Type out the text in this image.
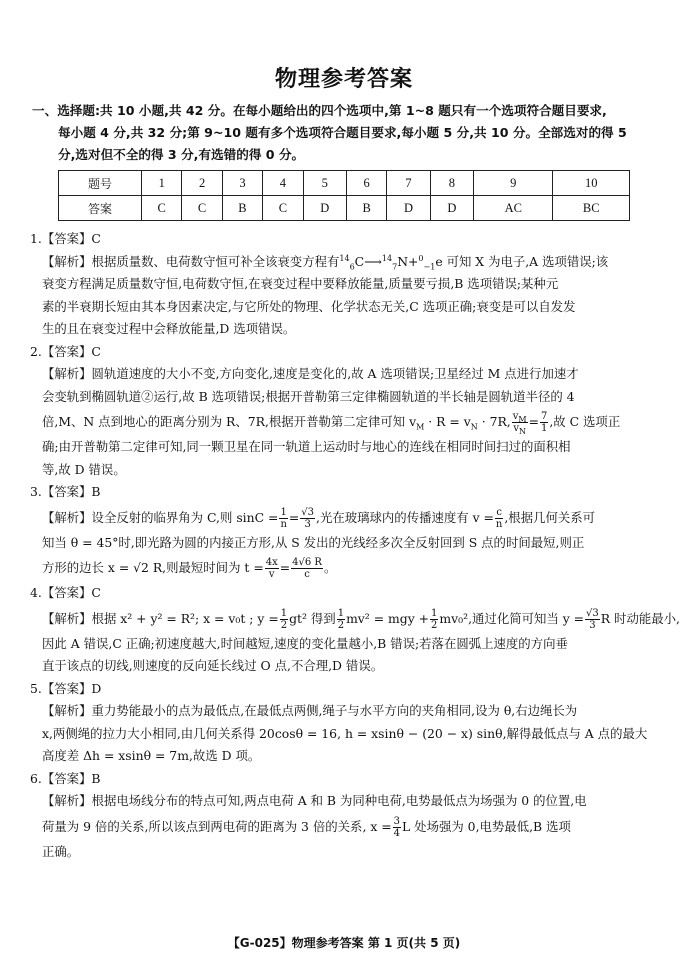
物理参考答案
一、选择题:共 10 小题,共 42 分。在每小题给出的四个选项中,第 1~8 题只有一个选项符合题目要求,
每小题 4 分,共 32 分;第 9~10 题有多个选项符合题目要求,每小题 5 分,共 10 分。全部选对的得 5
分,选对但不全的得 3 分,有选错的得 0 分。
题号	1	2	3	4	5	6	7	8	9	10
答案	C	C	B	C	D	B	D	D	AC	BC
1.【答案】C
【解析】根据质量数、电荷数守恒可补全该衰变方程有$^{14}_6$C⟶$^{14}_7$N+$^0_{-1}$e 可知 X 为电子,A 选项错误;该
衰变方程满足质量数守恒,电荷数守恒,在衰变过程中要释放能量,质量要亏损,B 选项错误;某种元
素的半衰期长短由其本身因素决定,与它所处的物理、化学状态无关,C 选项正确;衰变是可以自发发
生的且在衰变过程中会释放能量,D 选项错误。
2.【答案】C
【解析】圆轨道速度的大小不变,方向变化,速度是变化的,故 A 选项错误;卫星经过 M 点进行加速才
会变轨到椭圆轨道②运行,故 B 选项错误;根据开普勒第三定律椭圆轨道的半长轴是圆轨道半径的 4
倍,M、N 点到地心的距离分别为 R、7R,根据开普勒第二定律可知 $v_M \cdot R = v_N \cdot 7R$, $\frac{v_M}{v_N} = \frac{7}{1}$ ,故 C 选项正
确;由开普勒第二定律可知,同一颗卫星在同一轨道上运动时与地心的连线在相同时间扫过的面积相
等,故 D 错误。
3.【答案】B
【解析】设全反射的临界角为 C,则 $\sin C = \frac{1}{n} = \frac{√3}{3}$ ,光在玻璃球内的传播速度有 $v = \frac{c}{n}$ ,根据几何关系可
知当 θ = 45°时,即光路为圆的内接正方形,从 S 发出的光线经多次全反射回到 S 点的时间最短,则正
方形的边长 x = √2 R,则最短时间为 $t = \frac{4x}{v} = \frac{4√6 R}{c}$ 。
4.【答案】C
【解析】根据 x² + y² = R²; x = v₀t ; $y = \frac{1}{2} gt^2$ 得到 $\frac{1}{2} mv^2$ = mgy + $\frac{1}{2} mv_0^2$,通过化简可知当 $y = \frac{√3}{3}$ R 时动能最小,
因此 A 错误,C 正确;初速度越大,时间越短,速度的变化量越小,B 错误;若落在圆弧上速度的方向垂
直于该点的切线,则速度的反向延长线过 O 点,不合理,D 错误。
5.【答案】D
【解析】重力势能最小的点为最低点,在最低点两侧,绳子与水平方向的夹角相同,设为 θ,右边绳长为
x,两侧绳的拉力大小相同,由几何关系得 20cosθ = 16, h = xsinθ − (20 − x) sinθ,解得最低点与 A 点的最大
高度差 Δh = xsinθ = 7m,故选 D 项。
6.【答案】B
【解析】根据电场线分布的特点可知,两点电荷 A 和 B 为同种电荷,电势最低点为场强为 0 的位置,电
荷量为 9 倍的关系,所以该点到两电荷的距离为 3 倍的关系, $x = \frac{3}{4}$ L 处场强为 0,电势最低,B 选项
正确。
【G-025】物理参考答案 第 1 页(共 5 页)
